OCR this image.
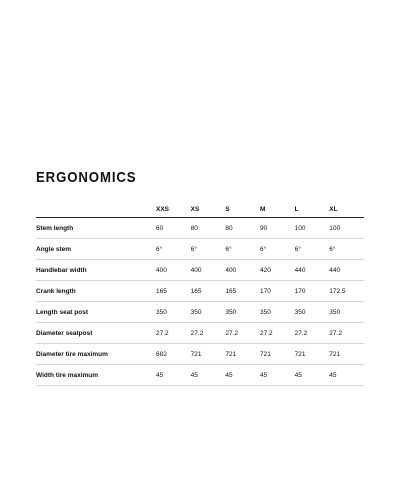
ERGONOMICS
	XXS	XS	S	M	L	XL
Stem length	60	80	80	90	100	100
Angle stem	6°	6°	6°	6°	6°	6°
Handlebar width	400	400	400	420	440	440
Crank length	165	165	165	170	170	172.5
Length seat post	350	350	350	350	350	350
Diameter seatpost	27.2	27.2	27.2	27.2	27.2	27.2
Diameter tire maximum	682	721	721	721	721	721
Width tire maximum	45	45	45	45	45	45
